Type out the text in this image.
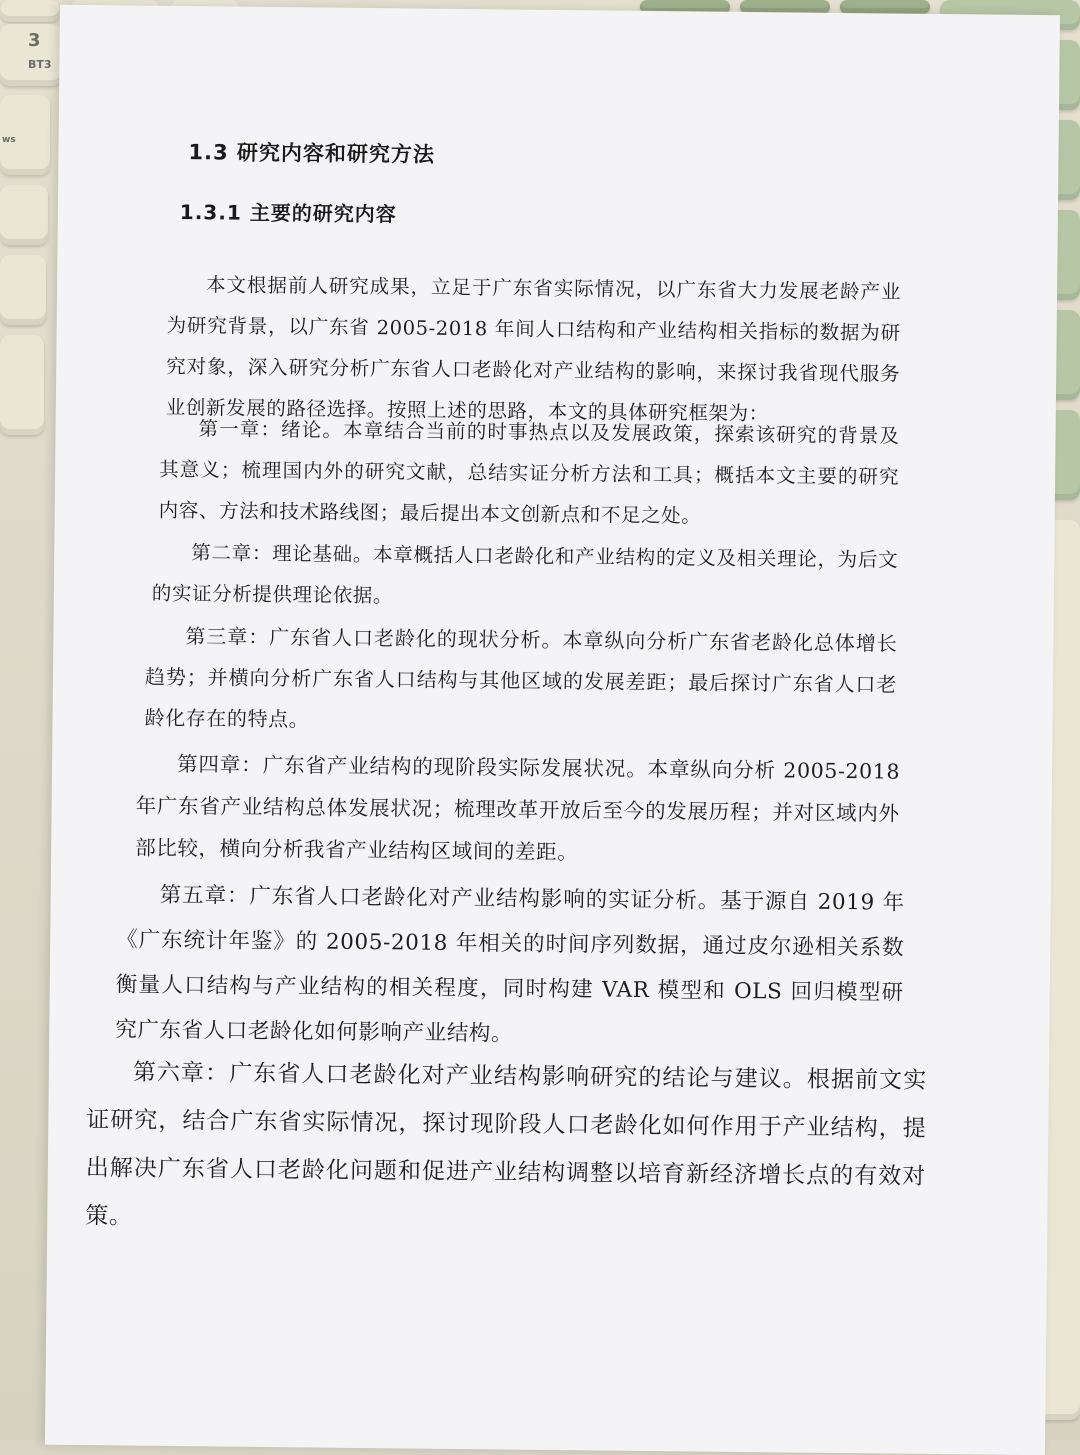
3
BT3
ws
1.3 研究内容和研究方法
1.3.1 主要的研究内容

本文根据前人研究成果，立足于广东省实际情况，以广东省大力发展老龄产业为研究背景，以广东省 2005-2018 年间人口结构和产业结构相关指标的数据为研究对象，深入研究分析广东省人口老龄化对产业结构的影响，来探讨我省现代服务业创新发展的路径选择。按照上述的思路，本文的具体研究框架为：

第一章：绪论。本章结合当前的时事热点以及发展政策，探索该研究的背景及其意义；梳理国内外的研究文献，总结实证分析方法和工具；概括本文主要的研究内容、方法和技术路线图；最后提出本文创新点和不足之处。

第二章：理论基础。本章概括人口老龄化和产业结构的定义及相关理论，为后文的实证分析提供理论依据。

第三章：广东省人口老龄化的现状分析。本章纵向分析广东省老龄化总体增长趋势；并横向分析广东省人口结构与其他区域的发展差距；最后探讨广东省人口老龄化存在的特点。

第四章：广东省产业结构的现阶段实际发展状况。本章纵向分析 2005-2018 年广东省产业结构总体发展状况；梳理改革开放后至今的发展历程；并对区域内外部比较，横向分析我省产业结构区域间的差距。

第五章：广东省人口老龄化对产业结构影响的实证分析。基于源自 2019 年《广东统计年鉴》的 2005-2018 年相关的时间序列数据，通过皮尔逊相关系数衡量人口结构与产业结构的相关程度，同时构建 VAR 模型和 OLS 回归模型研究广东省人口老龄化如何影响产业结构。

第六章：广东省人口老龄化对产业结构影响研究的结论与建议。根据前文实证研究，结合广东省实际情况，探讨现阶段人口老龄化如何作用于产业结构，提出解决广东省人口老龄化问题和促进产业结构调整以培育新经济增长点的有效对策。
